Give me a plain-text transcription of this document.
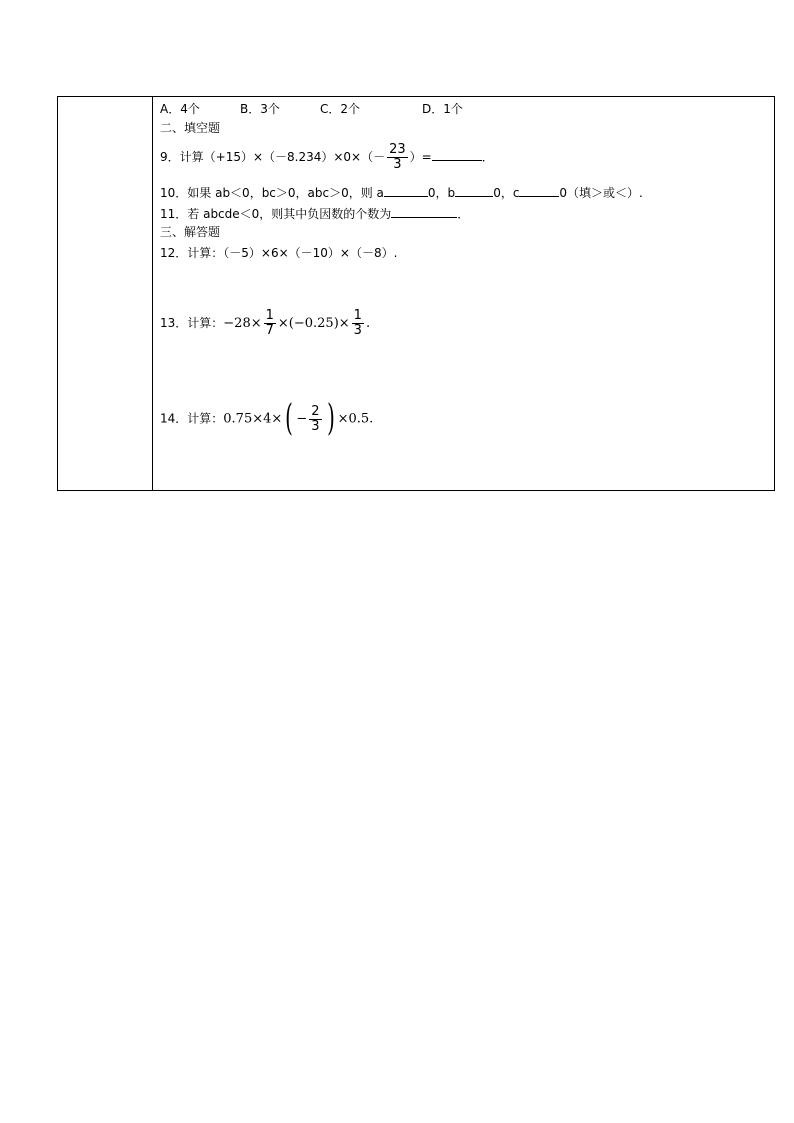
A．4个	B．3个	C．2个	D．1个
二、填空题
9．计算$(+15)\times(-8.234)\times 0\times(- \frac{23}{3}$ ）=	．
10．如果 ab＜0，bc＞0，abc＞0，则 a	0，b	0，c	0（填＞或＜）.
11．若 abcde＜0，则其中负因数的个数为	．
三、解答题
12．计算：（－5）×6×（－10）×（－8）.
13．计算：$-28\times \frac{1}{7} \times(-0.25)\times \frac{1}{3}$ .
14．计算：$0.75\times 4\times( - \frac{2}{3}$ ) ×0.5.
